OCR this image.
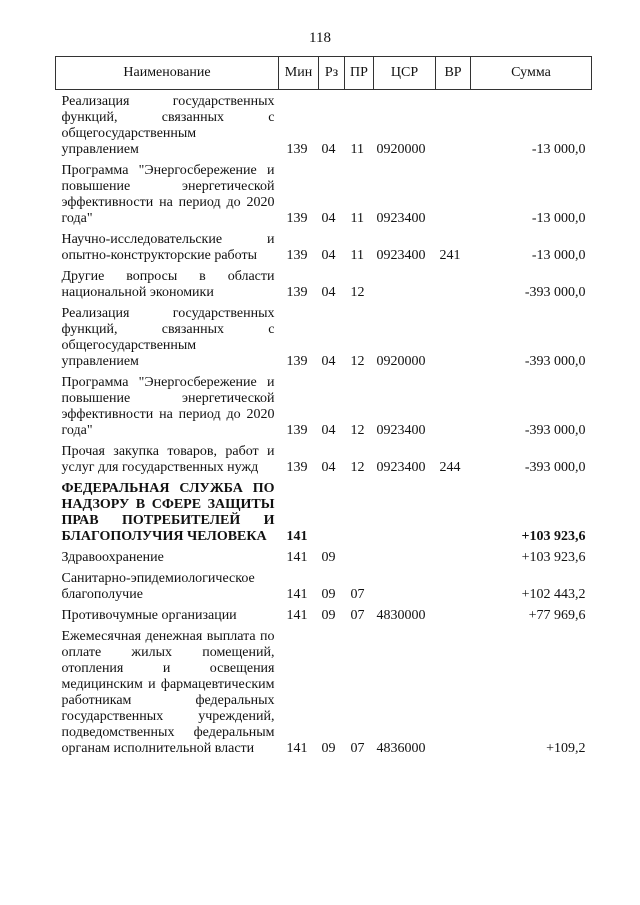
118
Наименование	Мин	Рз	ПР	ЦСР	ВР	Сумма
Реализация государственных функций, связанных с общегосударственным управлением	139	04	11	0920000		-13 000,0
Программа "Энергосбережение и повышение энергетической эффективности на период до 2020 года"	139	04	11	0923400		-13 000,0
Научно-исследовательские и опытно-конструкторские работы	139	04	11	0923400	241	-13 000,0
Другие вопросы в области национальной экономики	139	04	12			-393 000,0
Реализация государственных функций, связанных с общегосударственным управлением	139	04	12	0920000		-393 000,0
Программа "Энергосбережение и повышение энергетической эффективности на период до 2020 года"	139	04	12	0923400		-393 000,0
Прочая закупка товаров, работ и услуг для государственных нужд	139	04	12	0923400	244	-393 000,0
ФЕДЕРАЛЬНАЯ СЛУЖБА ПО НАДЗОРУ В СФЕРЕ ЗАЩИТЫ ПРАВ ПОТРЕБИТЕЛЕЙ И БЛАГОПОЛУЧИЯ ЧЕЛОВЕКА	141					+103 923,6
Здравоохранение	141	09				+103 923,6
Санитарно-эпидемиологическое благополучие	141	09	07			+102 443,2
Противочумные организации	141	09	07	4830000		+77 969,6
Ежемесячная денежная выплата по оплате жилых помещений, отопления и освещения медицинским и фармацевтическим работникам федеральных государственных учреждений, подведомственных федеральным органам исполнительной власти	141	09	07	4836000		+109,2
